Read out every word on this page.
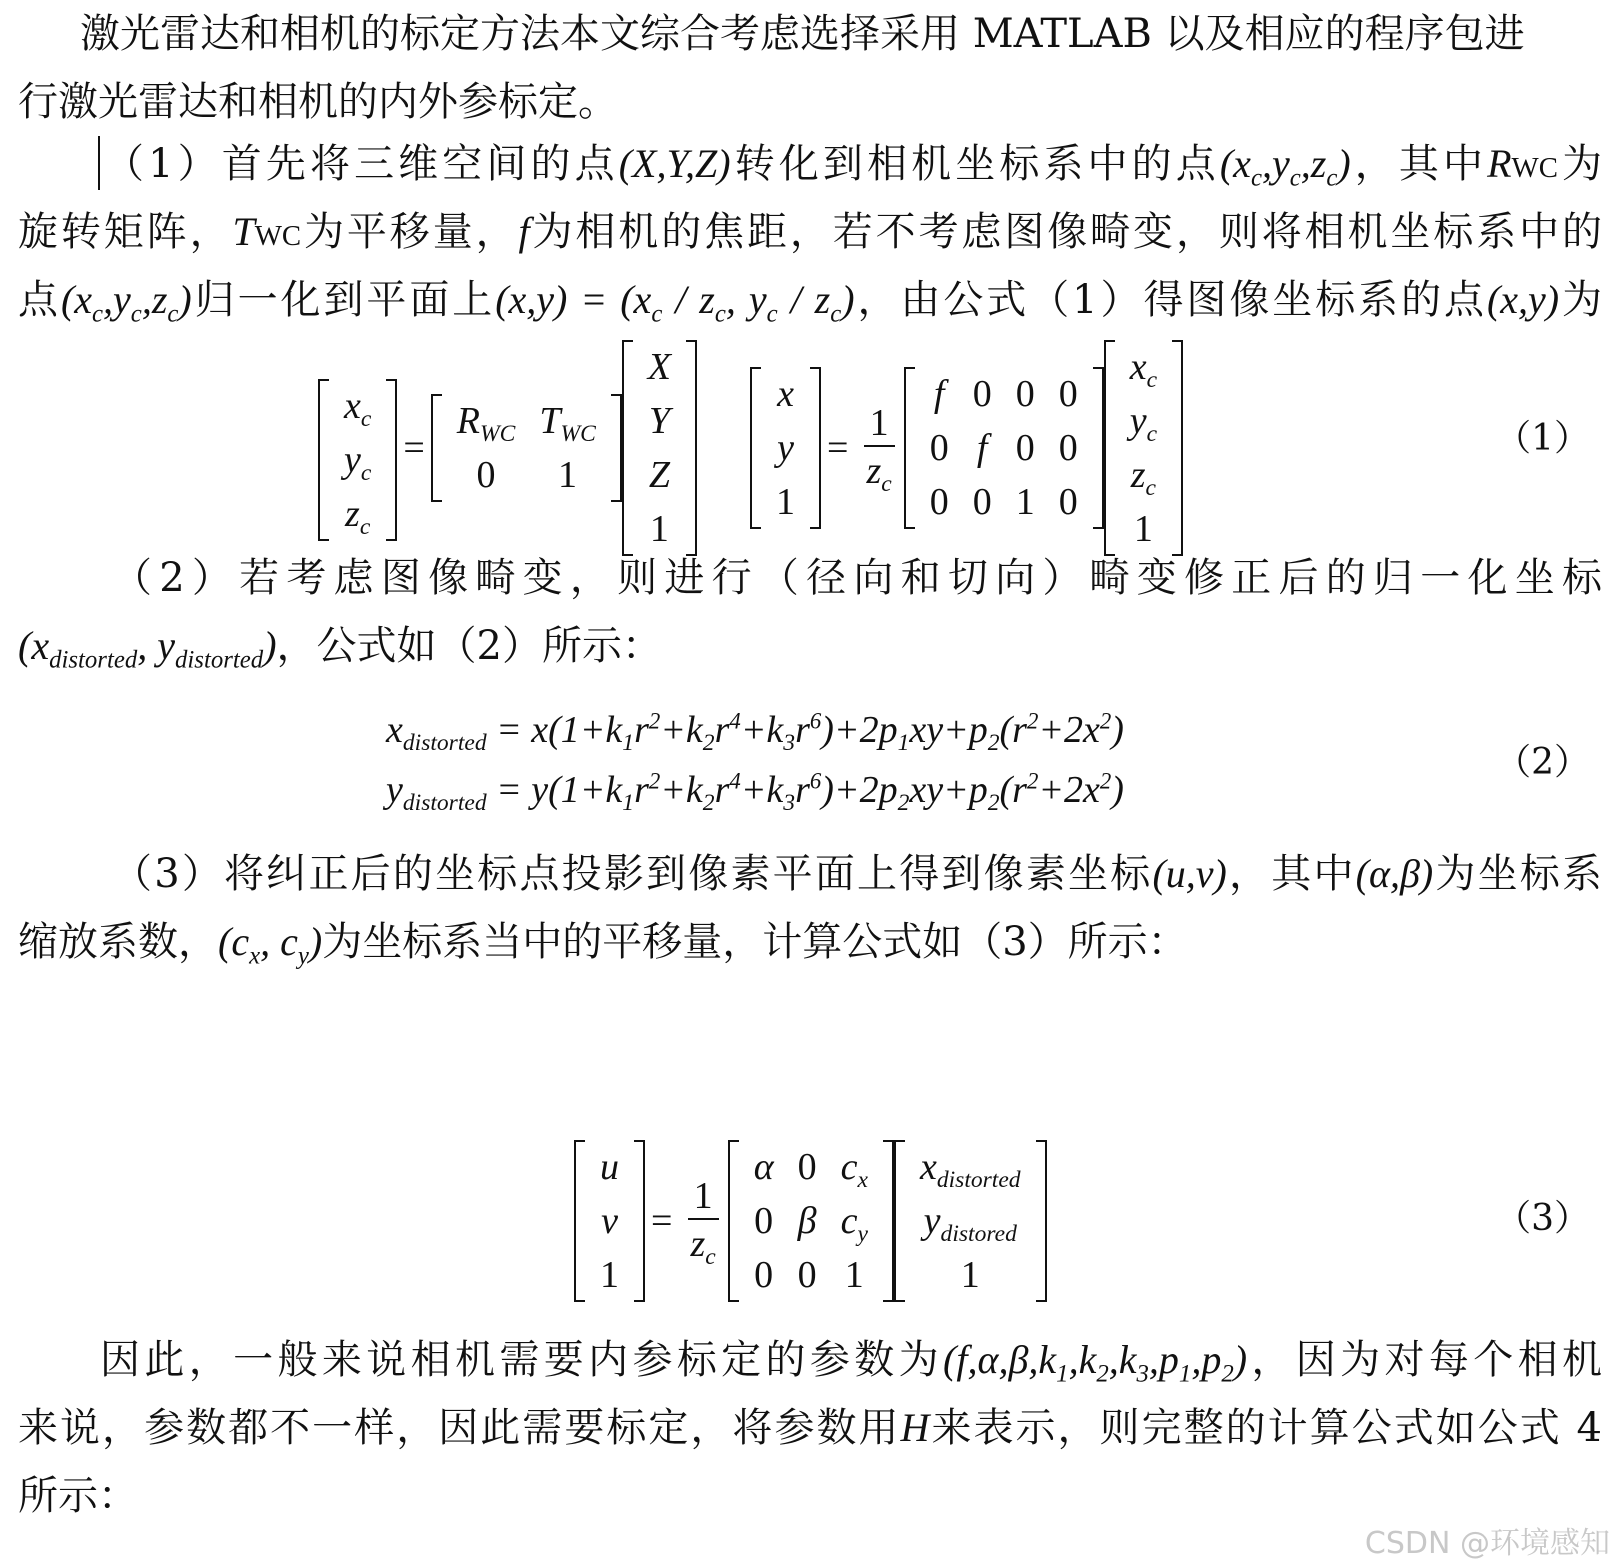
激光雷达和相机的标定方法本文综合考虑选择采用 MATLAB 以及相应的程序包进
行激光雷达和相机的内外参标定。
（1）首先将三维空间的点(X,Y,Z)转化到相机坐标系中的点$(x_c,y_c,z_c)$，其中RWC为
旋转矩阵，TWC为平移量，f为相机的焦距，若不考虑图像畸变，则将相机坐标系中的
点$(x_c,y_c,z_c)$归一化到平面上$(x,y) = (x_c / z_c$, $y_c / z_c$)，由公式（1）得图像坐标系的点(x,y)为
$x_c$
$y_c$
$z_c$
=
$R_{WC}$	$T_{WC}$
0	1
X
Y
Z
1
x
y
1
= $\frac{1}{z_c}$
f	0	0	0
0	f	0	0
0	0	1	0
$x_c$
$y_c$
$z_c$
1
（1）
（2）若考虑图像畸变，则进行（径向和切向）畸变修正后的归一化坐标
($x_{distorted}$, $y_{distorted}$)，公式如（2）所示：
$x_{distorted} = x(1+k_1r^2+k_2r^4+k_3r^6)+2p_1xy+p_2(r^2+2x^2)$
$y_{distorted} = y(1+k_1r^2+k_2r^4+k_3r^6)+2p_2xy+p_2(r^2+2x^2)$
（2）
（3）将纠正后的坐标点投影到像素平面上得到像素坐标(u,v)，其中(α,β)为坐标系
缩放系数，($c_x$, $c_y$)为坐标系当中的平移量，计算公式如（3）所示：
u
v
1
= $\frac{1}{z_c}$
α	0	$c_x$
0	β	$c_y$
0	0	1
$x_{distorted}$
$y_{distored}$
1
（3）
因此，一般来说相机需要内参标定的参数为$(f,\alpha,\beta,k_1,k_2,k_3,p_1,p_2)$，因为对每个相机
来说，参数都不一样，因此需要标定，将参数用H来表示，则完整的计算公式如公式 4
所示：
CSDN @环境感知
